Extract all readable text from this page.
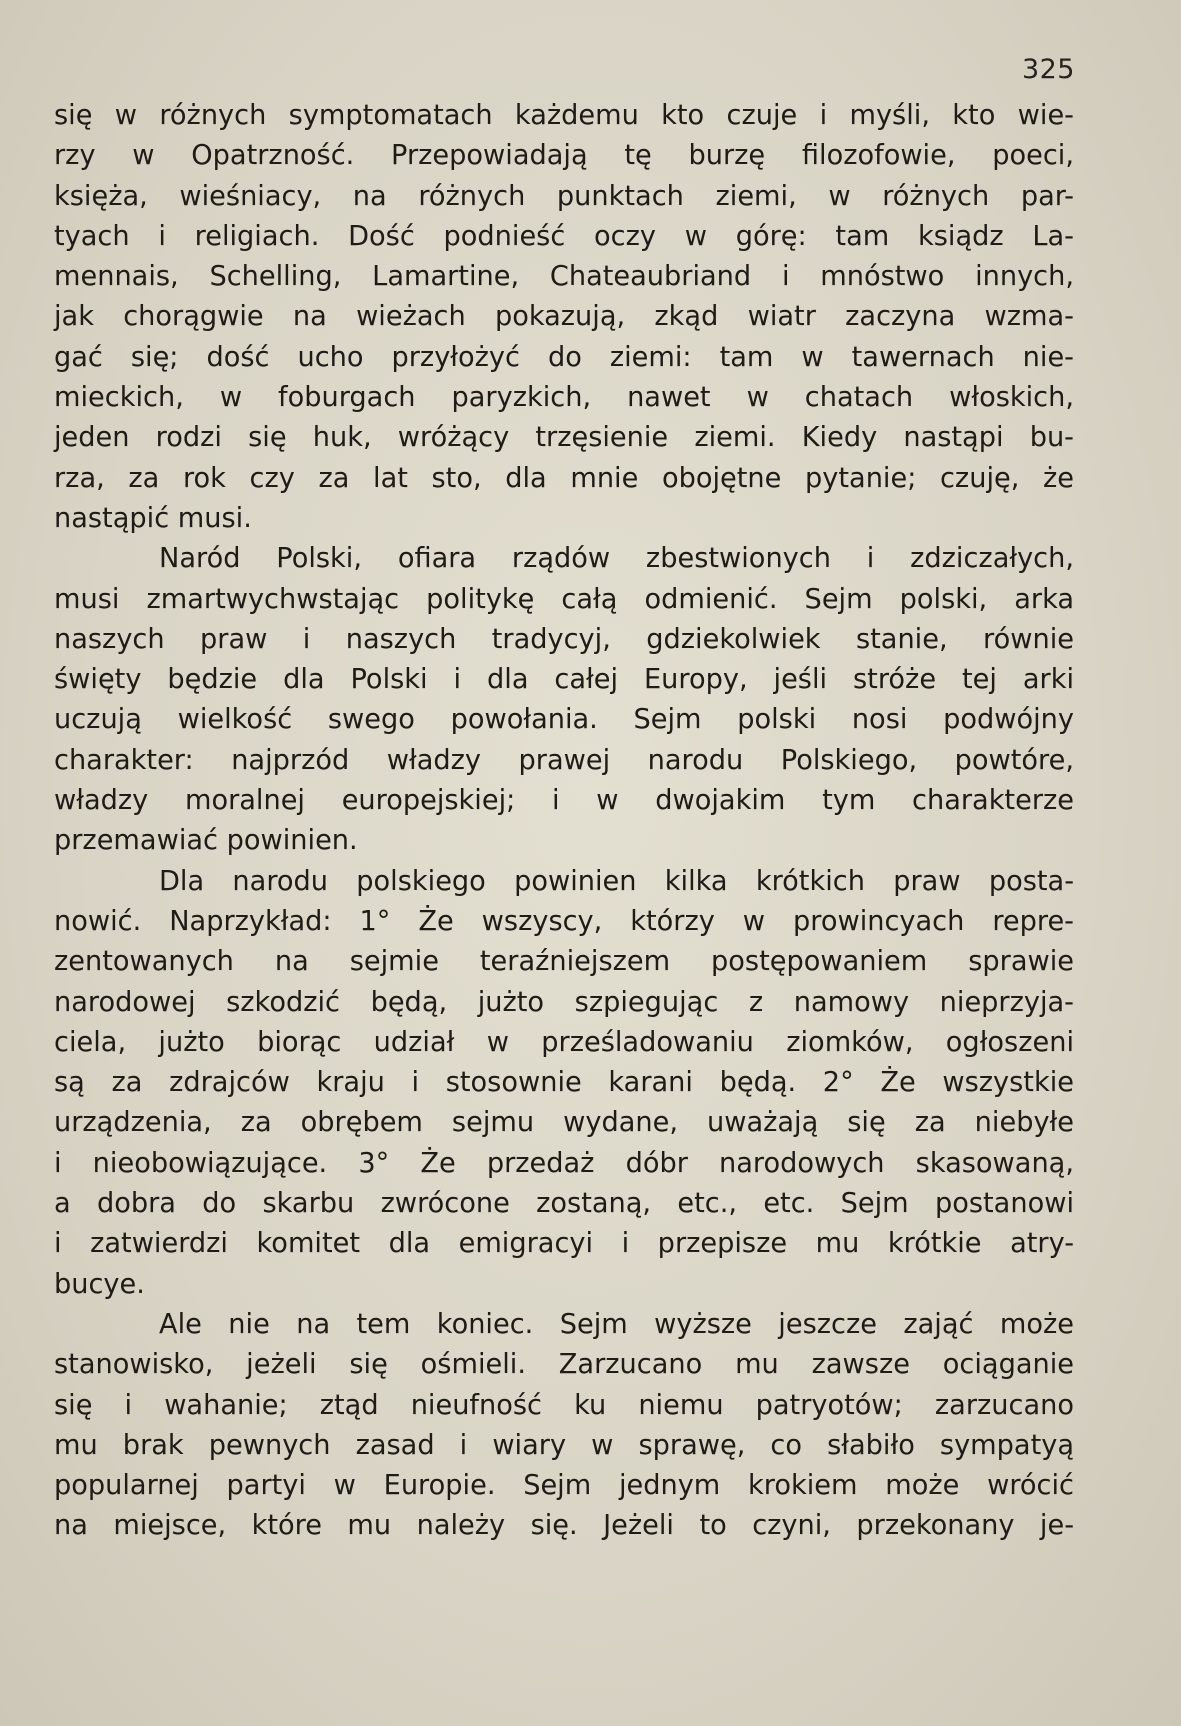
325
się w różnych symptomatach każdemu kto czuje i myśli, kto wie-
rzy w Opatrzność. Przepowiadają tę burzę filozofowie, poeci,
księża, wieśniacy, na różnych punktach ziemi, w różnych par-
tyach i religiach. Dość podnieść oczy w górę: tam ksiądz La-
mennais, Schelling, Lamartine, Chateaubriand i mnóstwo innych,
jak chorągwie na wieżach pokazują, zkąd wiatr zaczyna wzma-
gać się; dość ucho przyłożyć do ziemi: tam w tawernach nie-
mieckich, w foburgach paryzkich, nawet w chatach włoskich,
jeden rodzi się huk, wróżący trzęsienie ziemi. Kiedy nastąpi bu-
rza, za rok czy za lat sto, dla mnie obojętne pytanie; czuję, że
nastąpić musi.
Naród Polski, ofiara rządów zbestwionych i zdziczałych,
musi zmartwychwstając politykę całą odmienić. Sejm polski, arka
naszych praw i naszych tradycyj, gdziekolwiek stanie, równie
święty będzie dla Polski i dla całej Europy, jeśli stróże tej arki
uczują wielkość swego powołania. Sejm polski nosi podwójny
charakter: najprzód władzy prawej narodu Polskiego, powtóre,
władzy moralnej europejskiej; i w dwojakim tym charakterze
przemawiać powinien.
Dla narodu polskiego powinien kilka krótkich praw posta-
nowić. Naprzykład: 1° Że wszyscy, którzy w prowincyach repre-
zentowanych na sejmie teraźniejszem postępowaniem sprawie
narodowej szkodzić będą, jużto szpiegując z namowy nieprzyja-
ciela, jużto biorąc udział w prześladowaniu ziomków, ogłoszeni
są za zdrajców kraju i stosownie karani będą. 2° Że wszystkie
urządzenia, za obrębem sejmu wydane, uważają się za niebyłe
i nieobowiązujące. 3° Że przedaż dóbr narodowych skasowaną,
a dobra do skarbu zwrócone zostaną, etc., etc. Sejm postanowi
i zatwierdzi komitet dla emigracyi i przepisze mu krótkie atry-
bucye.
Ale nie na tem koniec. Sejm wyższe jeszcze zająć może
stanowisko, jeżeli się ośmieli. Zarzucano mu zawsze ociąganie
się i wahanie; ztąd nieufność ku niemu patryotów; zarzucano
mu brak pewnych zasad i wiary w sprawę, co słabiło sympatyą
popularnej partyi w Europie. Sejm jednym krokiem może wrócić
na miejsce, które mu należy się. Jeżeli to czyni, przekonany je-
